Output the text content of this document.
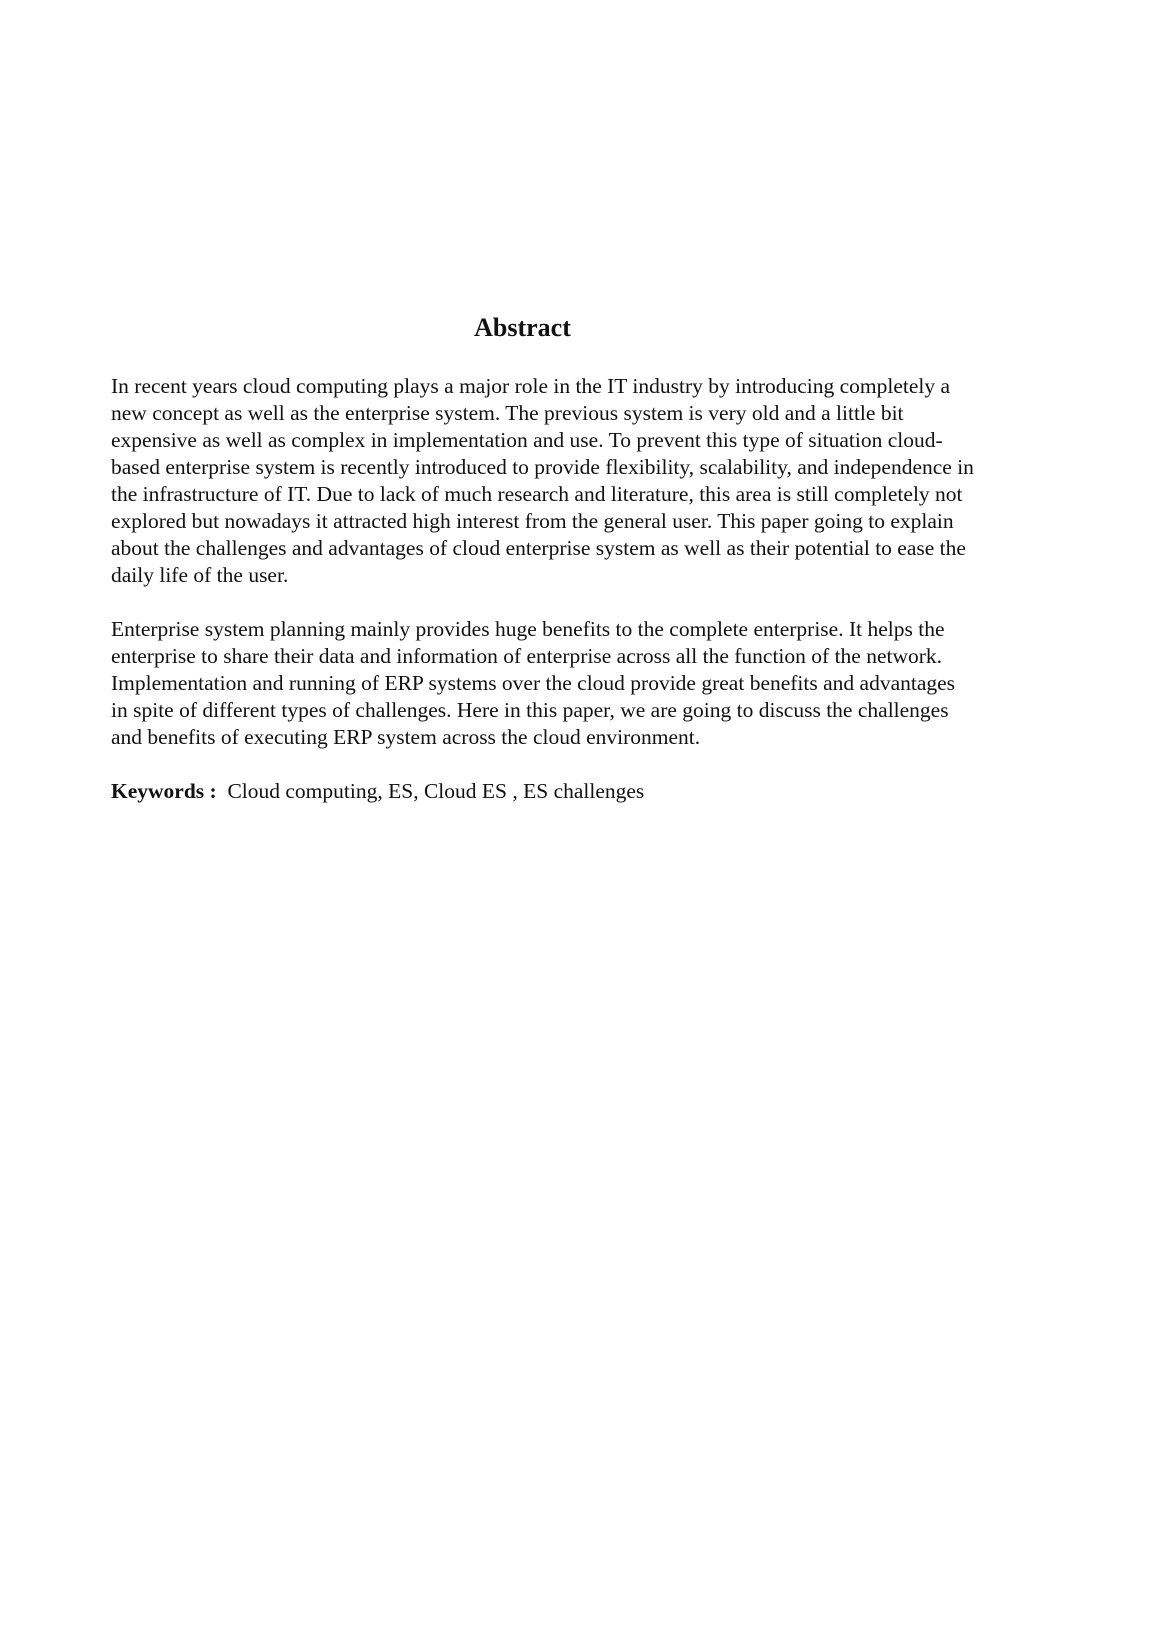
Abstract

In recent years cloud computing plays a major role in the IT industry by introducing completely a
new concept as well as the enterprise system. The previous system is very old and a little bit
expensive as well as complex in implementation and use. To prevent this type of situation cloud-
based enterprise system is recently introduced to provide flexibility, scalability, and independence in
the infrastructure of IT. Due to lack of much research and literature, this area is still completely not
explored but nowadays it attracted high interest from the general user. This paper going to explain
about the challenges and advantages of cloud enterprise system as well as their potential to ease the
daily life of the user.

Enterprise system planning mainly provides huge benefits to the complete enterprise. It helps the
enterprise to share their data and information of enterprise across all the function of the network.
Implementation and running of ERP systems over the cloud provide great benefits and advantages
in spite of different types of challenges. Here in this paper, we are going to discuss the challenges
and benefits of executing ERP system across the cloud environment.

Keywords : Cloud computing, ES, Cloud ES , ES challenges
